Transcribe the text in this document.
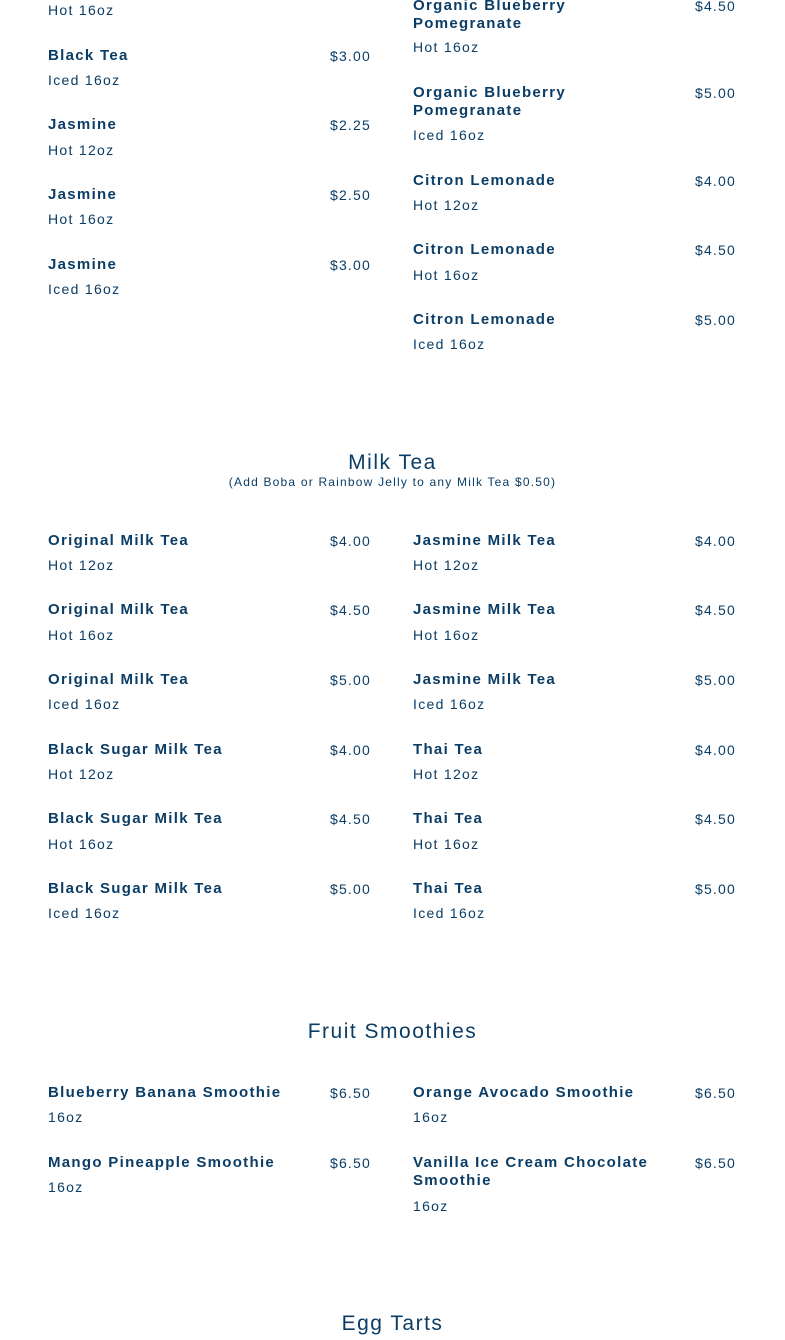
Hot 16oz
Black Tea	$3.00
Iced 16oz
Jasmine	$2.25
Hot 12oz
Jasmine	$2.50
Hot 16oz
Jasmine	$3.00
Iced 16oz
Organic Blueberry Pomegranate
$4.50
Hot 16oz
Organic Blueberry Pomegranate
$5.00
Iced 16oz
Citron Lemonade	$4.00
Hot 12oz
Citron Lemonade	$4.50
Hot 16oz
Citron Lemonade	$5.00
Iced 16oz
Milk Tea
(Add Boba or Rainbow Jelly to any Milk Tea $0.50)
Original Milk Tea	$4.00
Hot 12oz
Original Milk Tea	$4.50
Hot 16oz
Original Milk Tea	$5.00
Iced 16oz
Black Sugar Milk Tea	$4.00
Hot 12oz
Black Sugar Milk Tea	$4.50
Hot 16oz
Black Sugar Milk Tea	$5.00
Iced 16oz
Jasmine Milk Tea	$4.00
Hot 12oz
Jasmine Milk Tea	$4.50
Hot 16oz
Jasmine Milk Tea	$5.00
Iced 16oz
Thai Tea	$4.00
Hot 12oz
Thai Tea	$4.50
Hot 16oz
Thai Tea	$5.00
Iced 16oz
Fruit Smoothies
Blueberry Banana Smoothie	$6.50
16oz
Mango Pineapple Smoothie	$6.50
16oz
Orange Avocado Smoothie	$6.50
16oz
Vanilla Ice Cream Chocolate Smoothie
$6.50
16oz
Egg Tarts
